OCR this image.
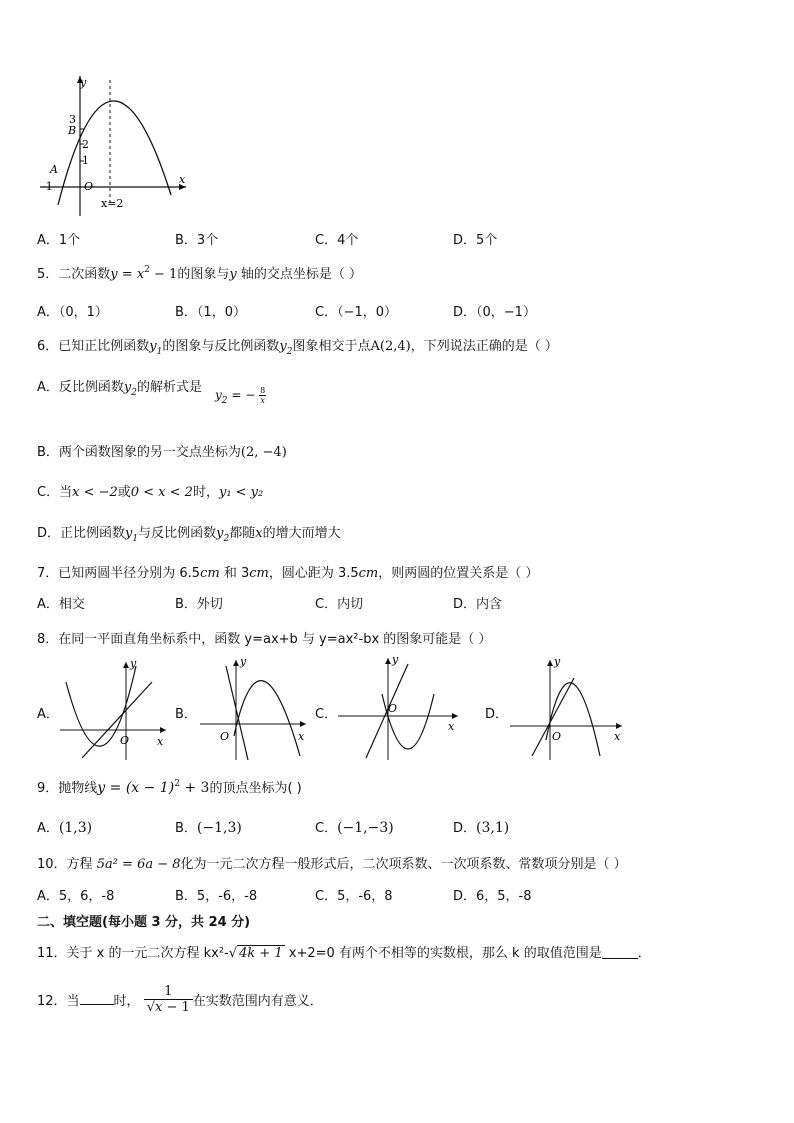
y
x
O
3
B
2
1
A
-1
x=2
A．1个	B．3个	C．4个	D．5个
5．二次函数$y = x^2 - 1$的图象与y 轴的交点坐标是（ ）
A．（0，1）	B．（1，0）	C．（−1，0）	D．（0，−1）
6．已知正比例函数$y_1$的图象与反比例函数$y_2$图象相交于点A(2,4)，下列说法正确的是（ ）
A．反比例函数$y_2$的解析式是 $y_2$ = − $\frac{8}{x}$
B．两个函数图象的另一交点坐标为(2, −4)
C．当x < −2或0 < x < 2时，y₁ < y₂
D．正比例函数$y_1$与反比例函数$y_2$都随x的增大而增大
7．已知两圆半径分别为 6.5cm 和 3cm，圆心距为 3.5cm，则两圆的位置关系是（ ）
A．相交	B．外切	C．内切	D．内含
8．在同一平面直角坐标系中，函数 y=ax+b 与 y=ax²-bx 的图象可能是（ ）
A．	B．	C．	D．
y
x
O
y
x
O
y
x
O
y
x
O
9．抛物线$y = (x - 1)^2 + 3$的顶点坐标为( )
A．(1,3)	B．(−1,3)	C．(−1,−3)	D．(3,1)
10．方程 5a² = 6a − 8化为一元二次方程一般形式后，二次项系数、一次项系数、常数项分别是（ ）
A．5，6，-8	B．5，-6，-8	C．5，-6，8	D．6，5，-8
二、填空题(每小题 3 分，共 24 分)
11．关于 x 的一元二次方程 kx²-√ 4k + 1 x+2=0 有两个不相等的实数根，那么 k 的取值范围是	．
12．当	时， $\frac{1}{√x - 1}$ 在实数范围内有意义．
